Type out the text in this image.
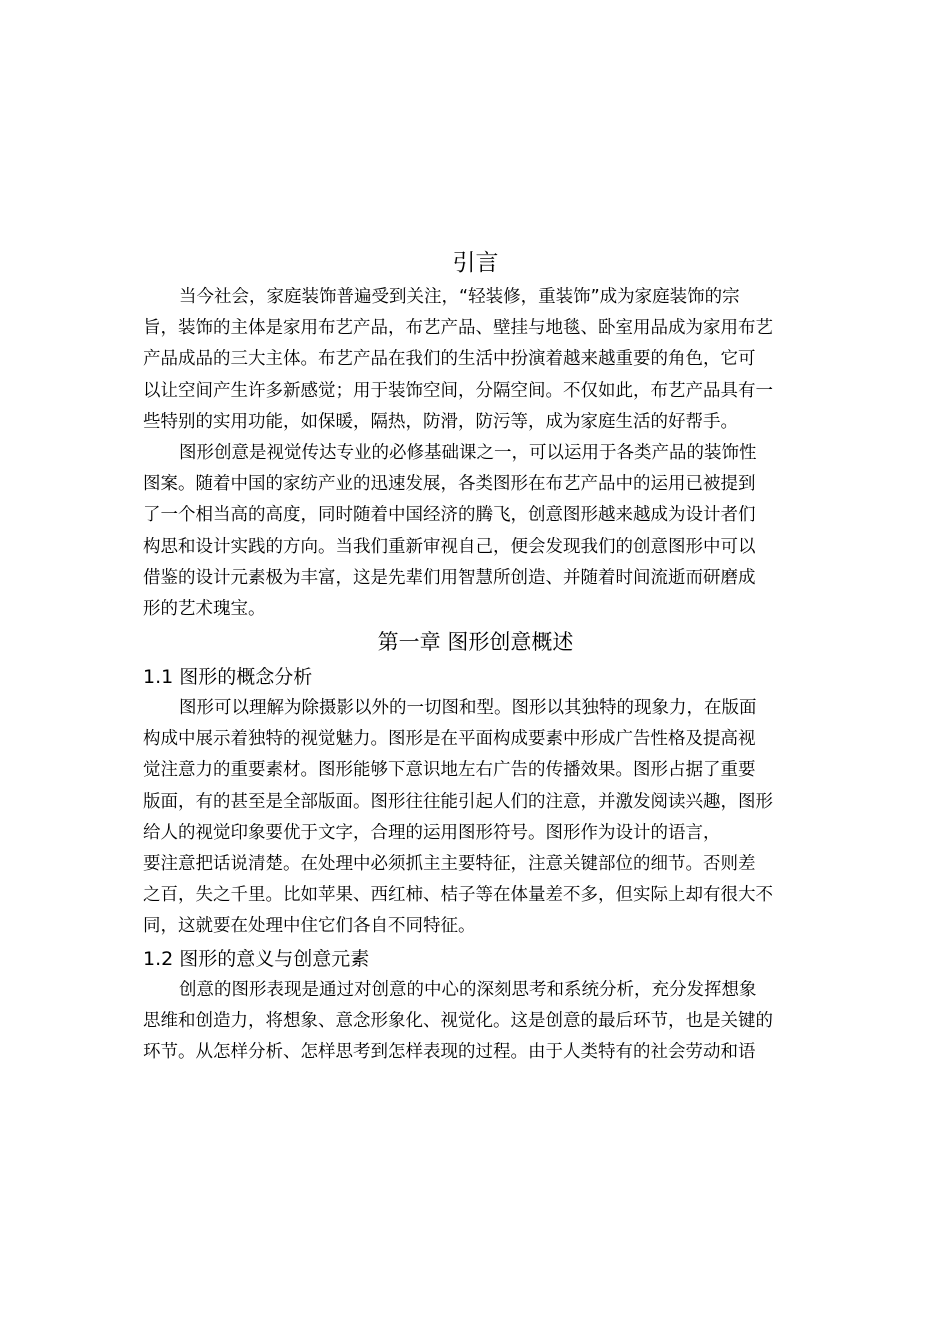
引言
当今社会，家庭装饰普遍受到关注，“轻装修，重装饰”成为家庭装饰的宗
旨，装饰的主体是家用布艺产品，布艺产品、壁挂与地毯、卧室用品成为家用布艺
产品成品的三大主体。布艺产品在我们的生活中扮演着越来越重要的角色，它可
以让空间产生许多新感觉；用于装饰空间，分隔空间。不仅如此，布艺产品具有一
些特别的实用功能，如保暖，隔热，防滑，防污等，成为家庭生活的好帮手。
图形创意是视觉传达专业的必修基础课之一，可以运用于各类产品的装饰性
图案。随着中国的家纺产业的迅速发展，各类图形在布艺产品中的运用已被提到
了一个相当高的高度，同时随着中国经济的腾飞，创意图形越来越成为设计者们
构思和设计实践的方向。当我们重新审视自己，便会发现我们的创意图形中可以
借鉴的设计元素极为丰富，这是先辈们用智慧所创造、并随着时间流逝而研磨成
形的艺术瑰宝。
第一章 图形创意概述
1.1 图形的概念分析
图形可以理解为除摄影以外的一切图和型。图形以其独特的现象力，在版面
构成中展示着独特的视觉魅力。图形是在平面构成要素中形成广告性格及提高视
觉注意力的重要素材。图形能够下意识地左右广告的传播效果。图形占据了重要
版面，有的甚至是全部版面。图形往往能引起人们的注意，并激发阅读兴趣，图形
给人的视觉印象要优于文字，合理的运用图形符号。图形作为设计的语言，
要注意把话说清楚。在处理中必须抓主主要特征，注意关键部位的细节。否则差
之百，失之千里。比如苹果、西红柿、桔子等在体量差不多，但实际上却有很大不
同，这就要在处理中住它们各自不同特征。
1.2 图形的意义与创意元素
创意的图形表现是通过对创意的中心的深刻思考和系统分析，充分发挥想象
思维和创造力，将想象、意念形象化、视觉化。这是创意的最后环节，也是关键的
环节。从怎样分析、怎样思考到怎样表现的过程。由于人类特有的社会劳动和语
